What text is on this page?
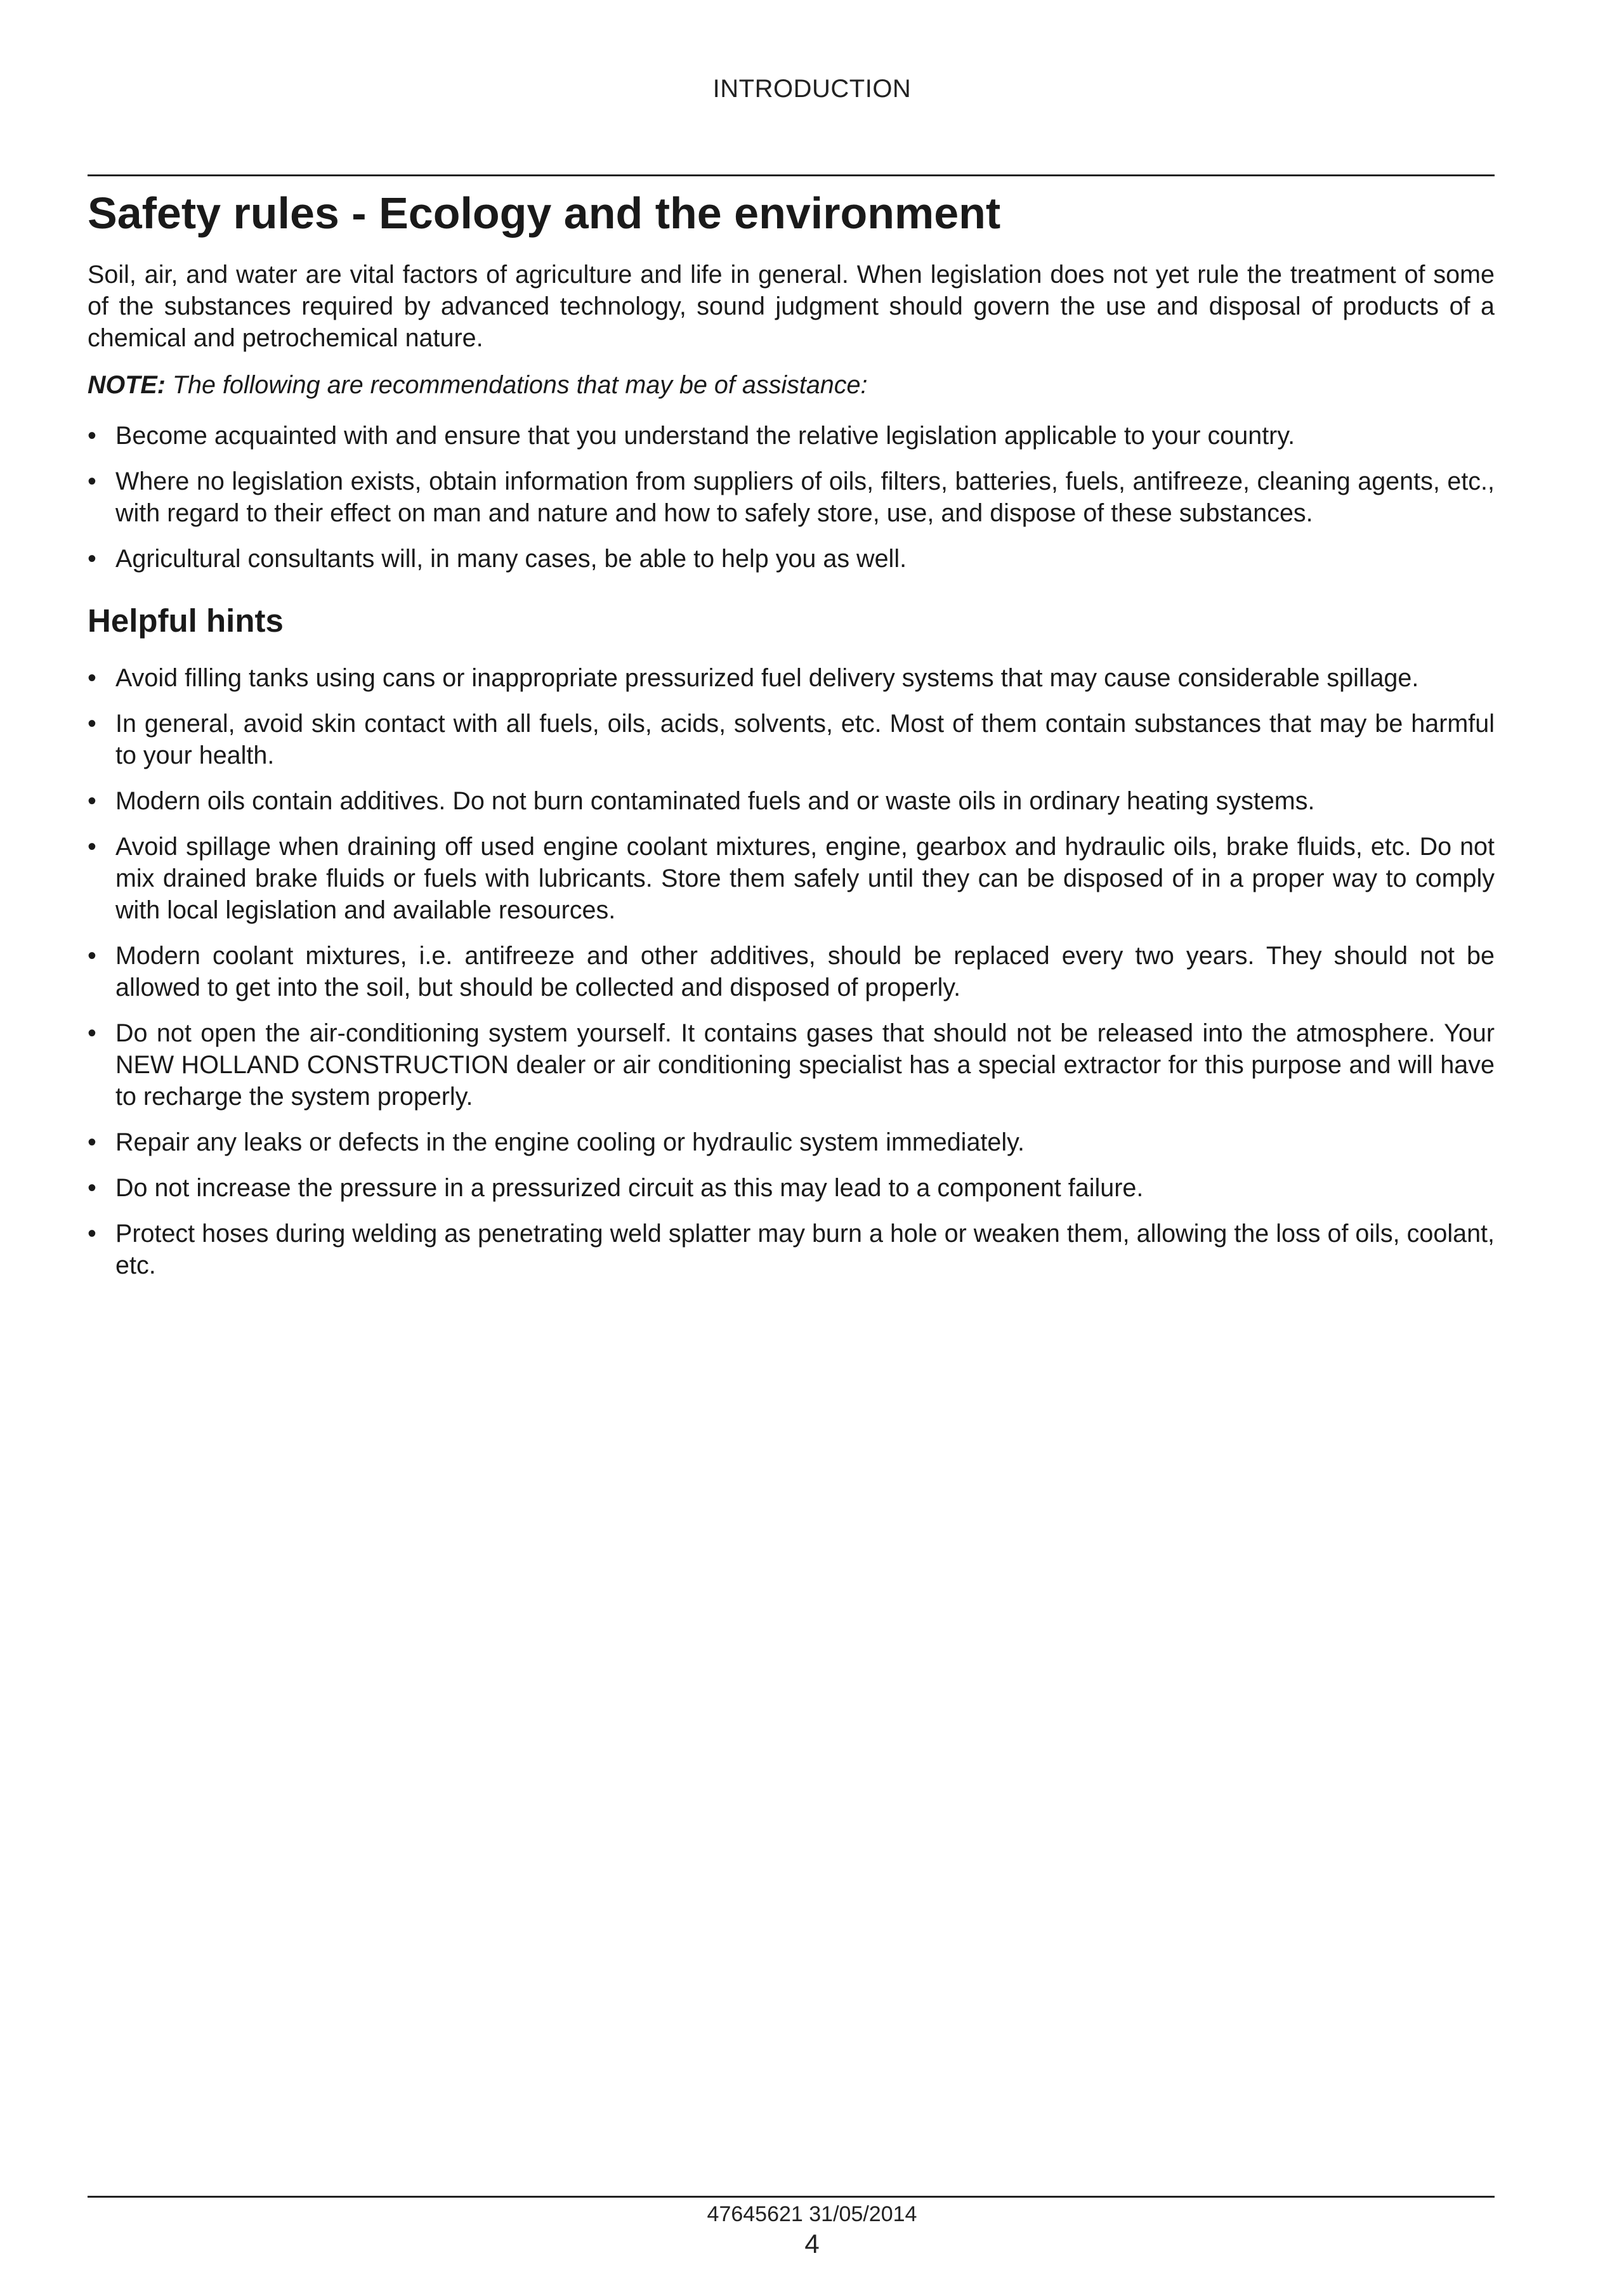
INTRODUCTION
Safety rules - Ecology and the environment

Soil, air, and water are vital factors of agriculture and life in general. When legislation does not yet rule the treatment of some of the substances required by advanced technology, sound judgment should govern the use and disposal of products of a chemical and petrochemical nature.

NOTE: The following are recommendations that may be of assistance:

• Become acquainted with and ensure that you understand the relative legislation applicable to your country.
• Where no legislation exists, obtain information from suppliers of oils, filters, batteries, fuels, antifreeze, cleaning agents, etc., with regard to their effect on man and nature and how to safely store, use, and dispose of these substances.
• Agricultural consultants will, in many cases, be able to help you as well.
Helpful hints
• Avoid filling tanks using cans or inappropriate pressurized fuel delivery systems that may cause considerable spillage.
• In general, avoid skin contact with all fuels, oils, acids, solvents, etc. Most of them contain substances that may be harmful to your health.
• Modern oils contain additives. Do not burn contaminated fuels and or waste oils in ordinary heating systems.
• Avoid spillage when draining off used engine coolant mixtures, engine, gearbox and hydraulic oils, brake fluids, etc. Do not mix drained brake fluids or fuels with lubricants. Store them safely until they can be disposed of in a proper way to comply with local legislation and available resources.
• Modern coolant mixtures, i.e. antifreeze and other additives, should be replaced every two years. They should not be allowed to get into the soil, but should be collected and disposed of properly.
• Do not open the air-conditioning system yourself. It contains gases that should not be released into the atmosphere. Your NEW HOLLAND CONSTRUCTION dealer or air conditioning specialist has a special extractor for this purpose and will have to recharge the system properly.
• Repair any leaks or defects in the engine cooling or hydraulic system immediately.
• Do not increase the pressure in a pressurized circuit as this may lead to a component failure.
• Protect hoses during welding as penetrating weld splatter may burn a hole or weaken them, allowing the loss of oils, coolant, etc.
47645621 31/05/2014
4
